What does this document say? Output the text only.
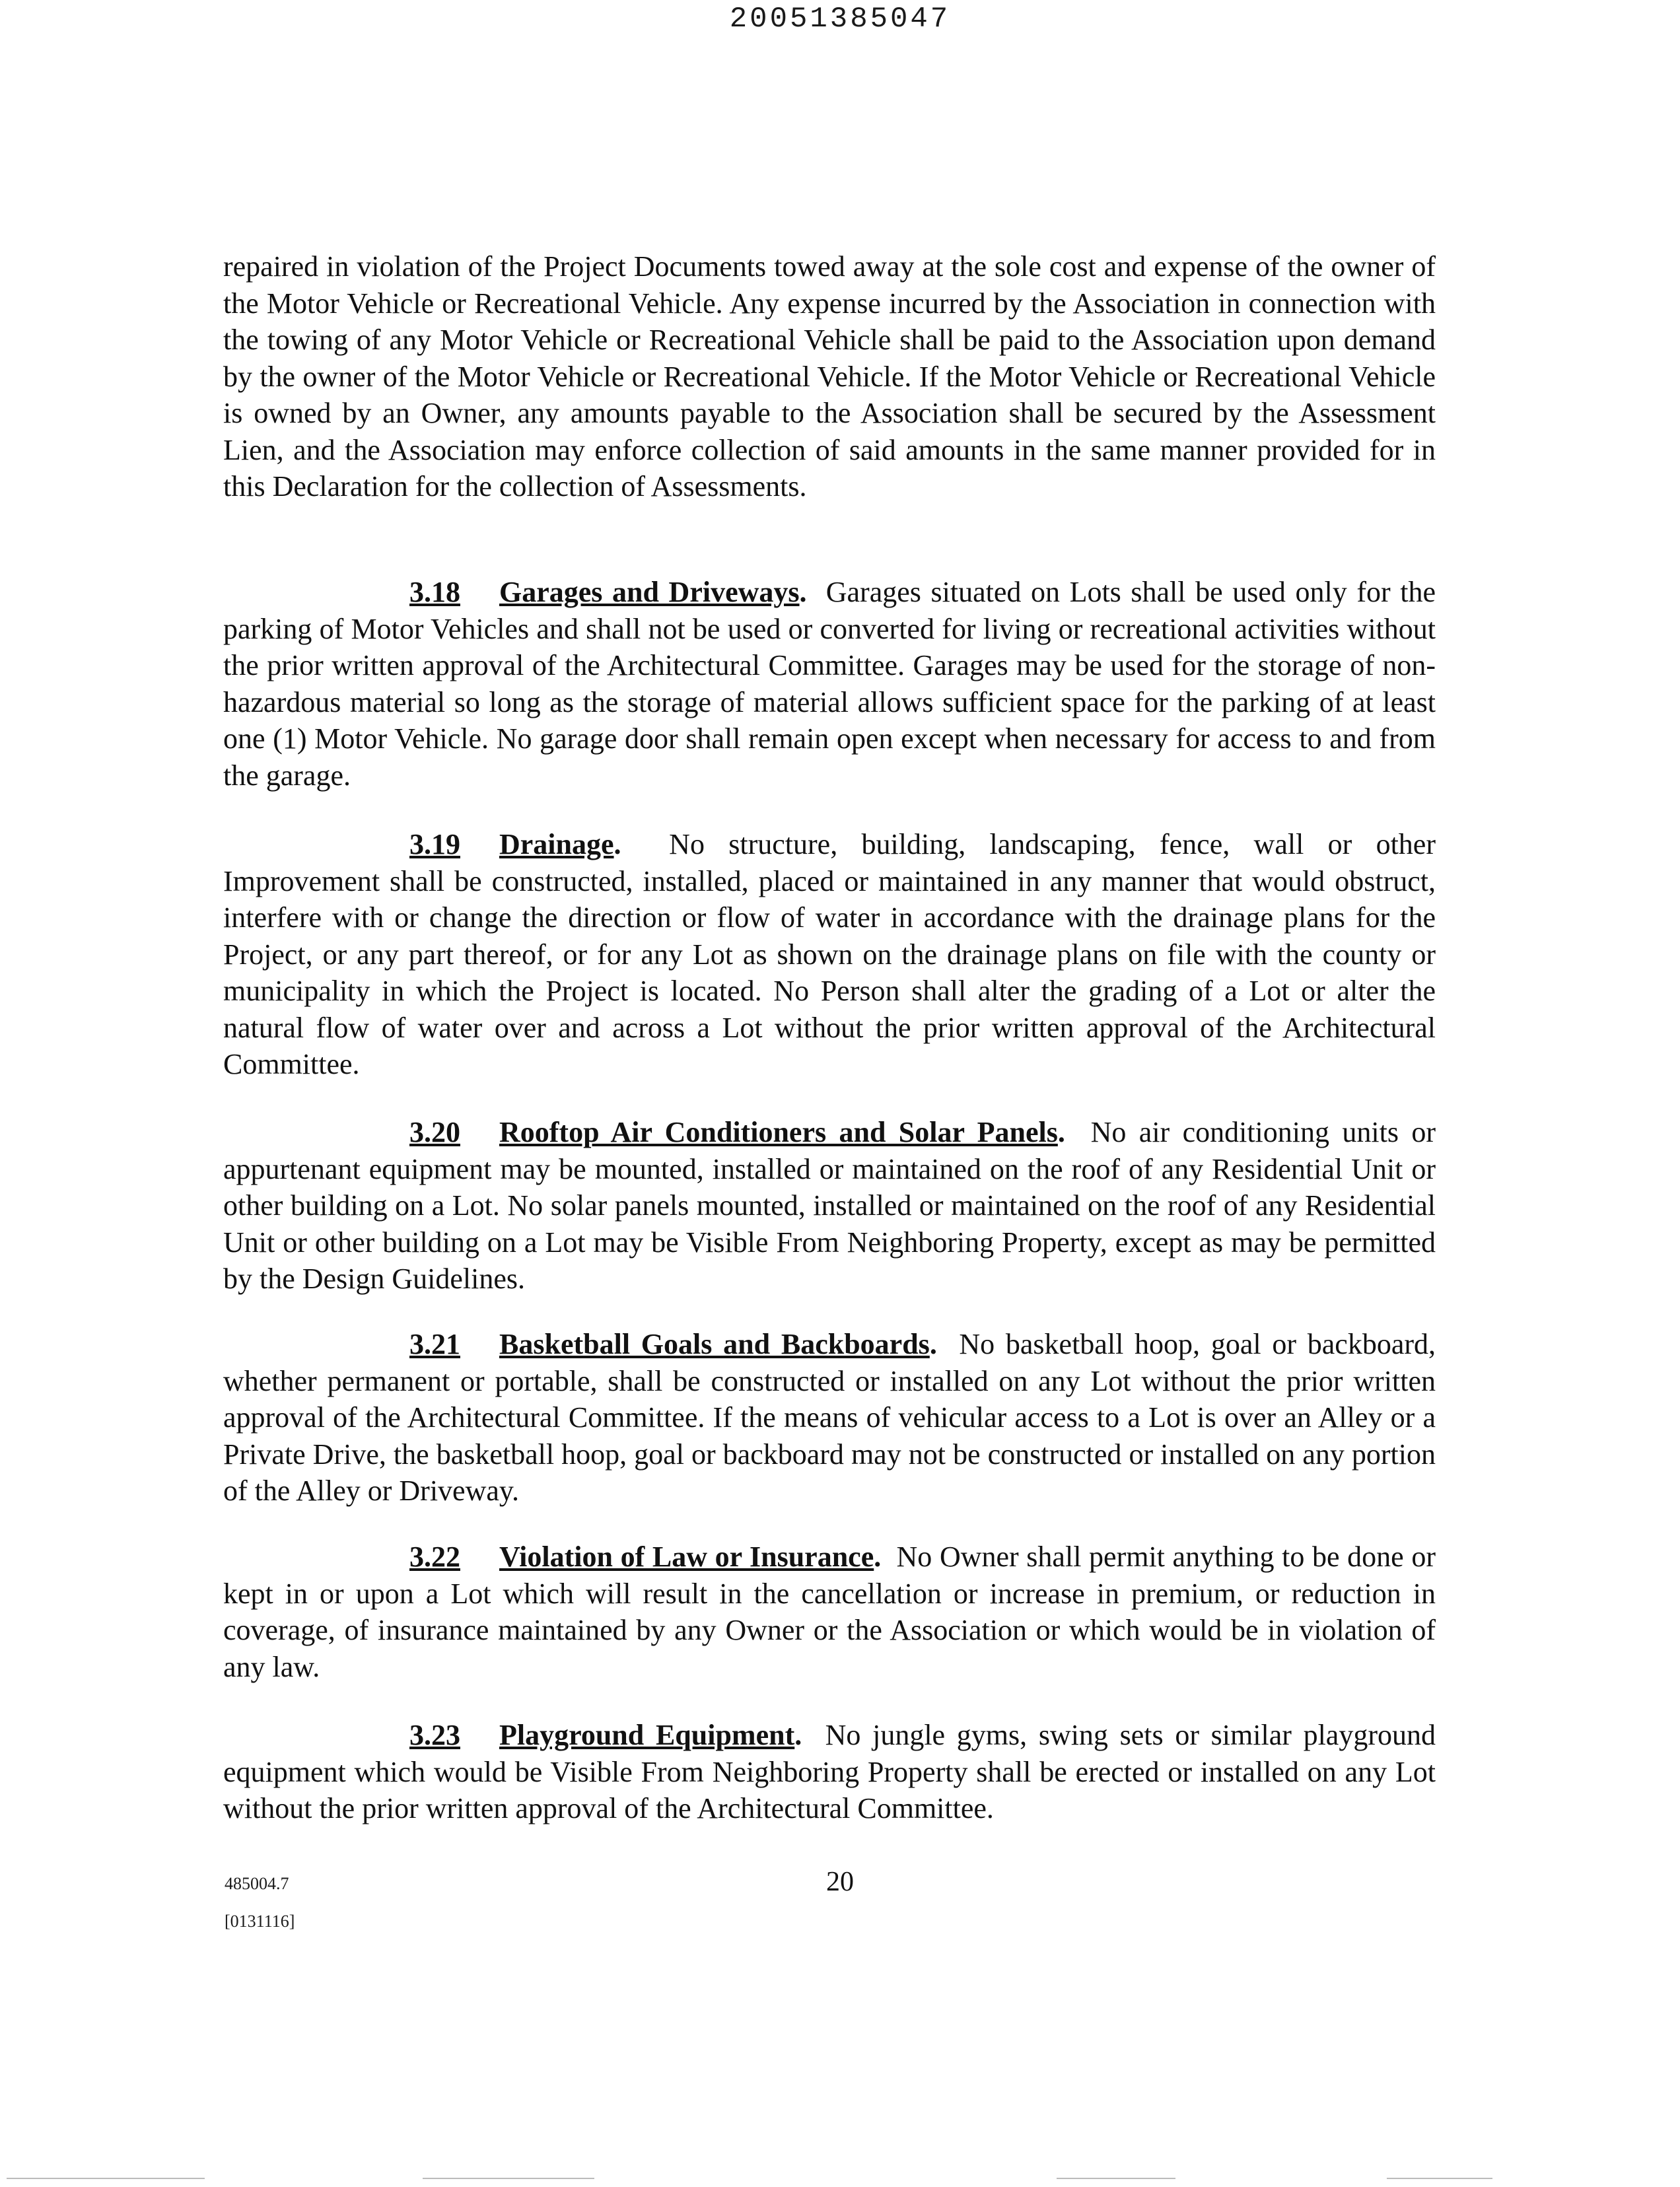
20051385047

repaired in violation of the Project Documents towed away at the sole cost and expense of the owner of the Motor Vehicle or Recreational Vehicle. Any expense incurred by the Association in connection with the towing of any Motor Vehicle or Recreational Vehicle shall be paid to the Association upon demand by the owner of the Motor Vehicle or Recreational Vehicle. If the Motor Vehicle or Recreational Vehicle is owned by an Owner, any amounts payable to the Association shall be secured by the Assessment Lien, and the Association may enforce collection of said amounts in the same manner provided for in this Declaration for the collection of Assessments.

3.18 Garages and Driveways. Garages situated on Lots shall be used only for the parking of Motor Vehicles and shall not be used or converted for living or recreational activities without the prior written approval of the Architectural Committee. Garages may be used for the storage of non-hazardous material so long as the storage of material allows sufficient space for the parking of at least one (1) Motor Vehicle. No garage door shall remain open except when necessary for access to and from the garage.

3.19 Drainage. No structure, building, landscaping, fence, wall or other Improvement shall be constructed, installed, placed or maintained in any manner that would obstruct, interfere with or change the direction or flow of water in accordance with the drainage plans for the Project, or any part thereof, or for any Lot as shown on the drainage plans on file with the county or municipality in which the Project is located. No Person shall alter the grading of a Lot or alter the natural flow of water over and across a Lot without the prior written approval of the Architectural Committee.

3.20 Rooftop Air Conditioners and Solar Panels. No air conditioning units or appurtenant equipment may be mounted, installed or maintained on the roof of any Residential Unit or other building on a Lot. No solar panels mounted, installed or maintained on the roof of any Residential Unit or other building on a Lot may be Visible From Neighboring Property, except as may be permitted by the Design Guidelines.

3.21 Basketball Goals and Backboards. No basketball hoop, goal or backboard, whether permanent or portable, shall be constructed or installed on any Lot without the prior written approval of the Architectural Committee. If the means of vehicular access to a Lot is over an Alley or a Private Drive, the basketball hoop, goal or backboard may not be constructed or installed on any portion of the Alley or Driveway.

3.22 Violation of Law or Insurance. No Owner shall permit anything to be done or kept in or upon a Lot which will result in the cancellation or increase in premium, or reduction in coverage, of insurance maintained by any Owner or the Association or which would be in violation of any law.

3.23 Playground Equipment. No jungle gyms, swing sets or similar playground equipment which would be Visible From Neighboring Property shall be erected or installed on any Lot without the prior written approval of the Architectural Committee.

485004.7	20
[0131116]
